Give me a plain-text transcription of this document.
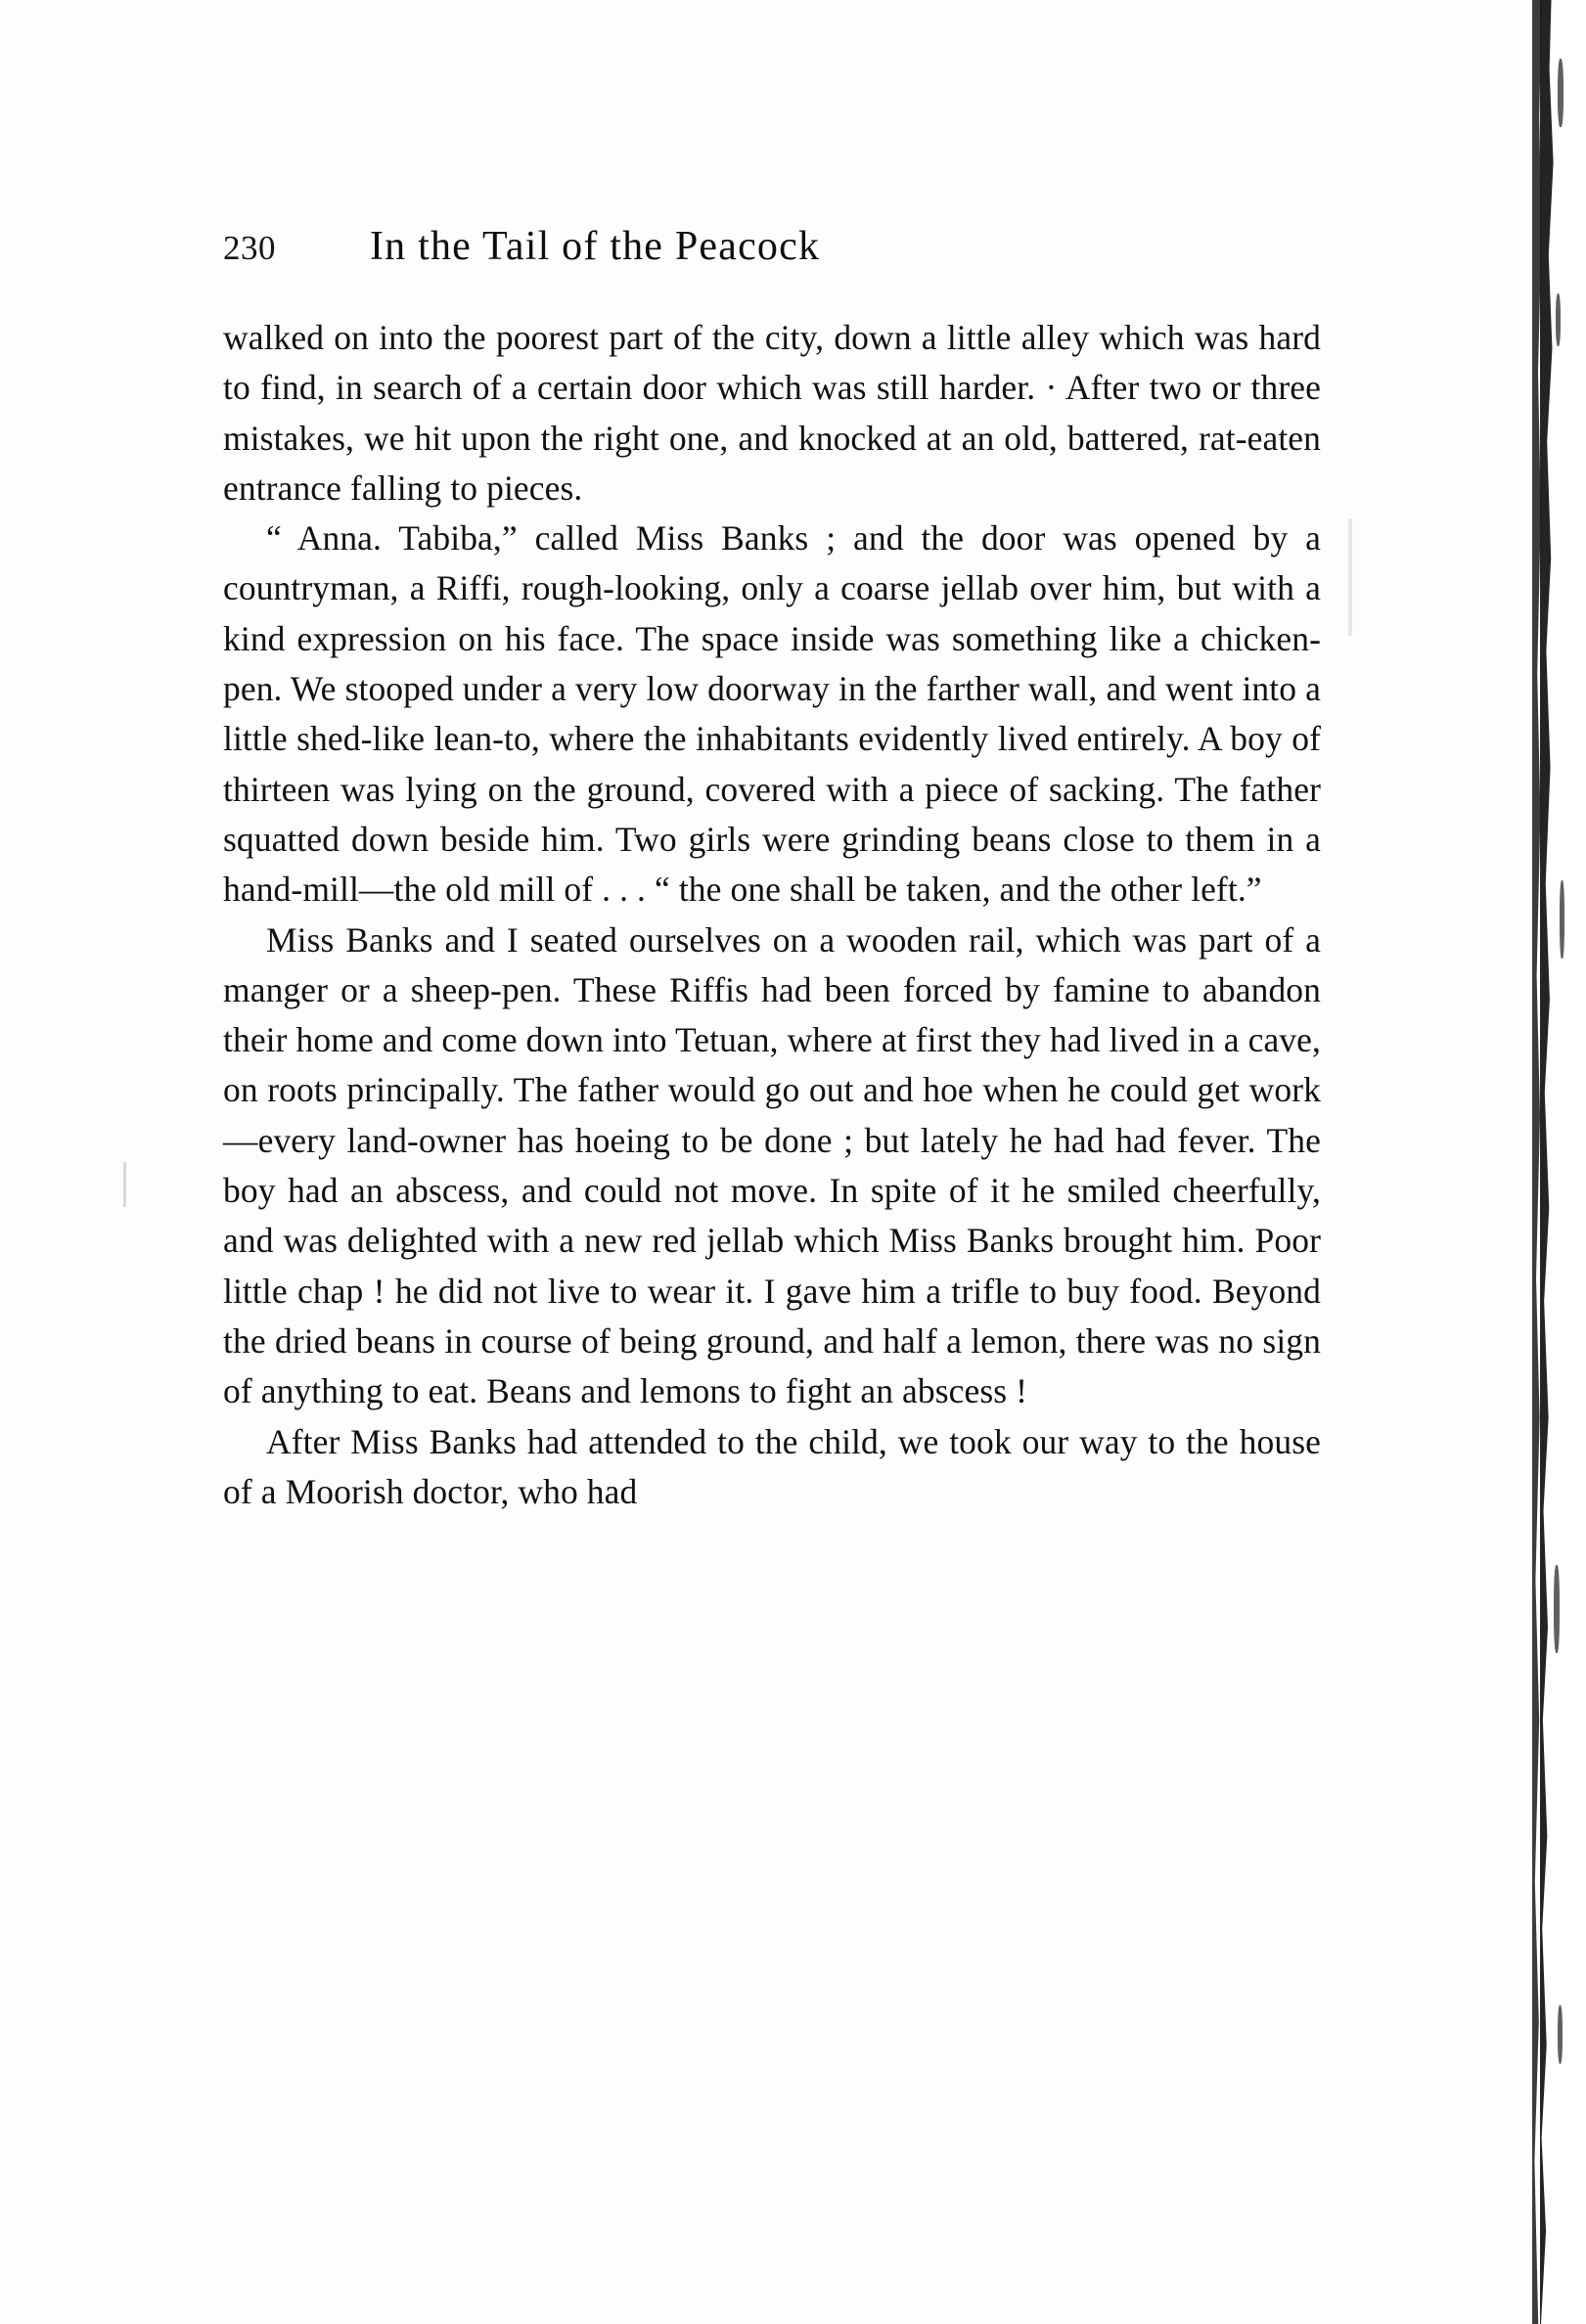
230	In the Tail of the Peacock

walked on into the poorest part of the city, down a little alley which was hard to find, in search of a certain door which was still harder. · After two or three mistakes, we hit upon the right one, and knocked at an old, battered, rat-eaten entrance falling to pieces.

“ Anna. Tabiba,” called Miss Banks ; and the door was opened by a countryman, a Riffi, rough-looking, only a coarse jellab over him, but with a kind expression on his face. The space inside was something like a chicken-pen. We stooped under a very low doorway in the farther wall, and went into a little shed-like lean-to, where the inhabitants evidently lived entirely. A boy of thirteen was lying on the ground, covered with a piece of sacking. The father squatted down beside him. Two girls were grinding beans close to them in a hand-mill—the old mill of . . . “ the one shall be taken, and the other left.”

Miss Banks and I seated ourselves on a wooden rail, which was part of a manger or a sheep-pen. These Riffis had been forced by famine to abandon their home and come down into Tetuan, where at first they had lived in a cave, on roots principally. The father would go out and hoe when he could get work—every land-owner has hoeing to be done ; but lately he had had fever. The boy had an abscess, and could not move. In spite of it he smiled cheerfully, and was delighted with a new red jellab which Miss Banks brought him. Poor little chap ! he did not live to wear it. I gave him a trifle to buy food. Beyond the dried beans in course of being ground, and half a lemon, there was no sign of anything to eat. Beans and lemons to fight an abscess !

After Miss Banks had attended to the child, we took our way to the house of a Moorish doctor, who had
